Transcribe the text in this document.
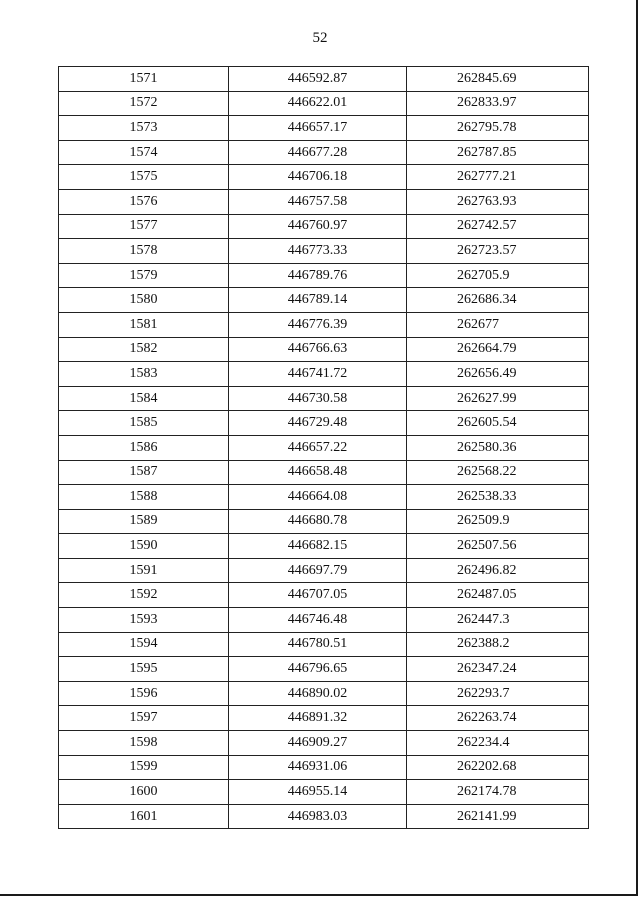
52
1571	446592.87	262845.69
1572	446622.01	262833.97
1573	446657.17	262795.78
1574	446677.28	262787.85
1575	446706.18	262777.21
1576	446757.58	262763.93
1577	446760.97	262742.57
1578	446773.33	262723.57
1579	446789.76	262705.9
1580	446789.14	262686.34
1581	446776.39	262677
1582	446766.63	262664.79
1583	446741.72	262656.49
1584	446730.58	262627.99
1585	446729.48	262605.54
1586	446657.22	262580.36
1587	446658.48	262568.22
1588	446664.08	262538.33
1589	446680.78	262509.9
1590	446682.15	262507.56
1591	446697.79	262496.82
1592	446707.05	262487.05
1593	446746.48	262447.3
1594	446780.51	262388.2
1595	446796.65	262347.24
1596	446890.02	262293.7
1597	446891.32	262263.74
1598	446909.27	262234.4
1599	446931.06	262202.68
1600	446955.14	262174.78
1601	446983.03	262141.99
